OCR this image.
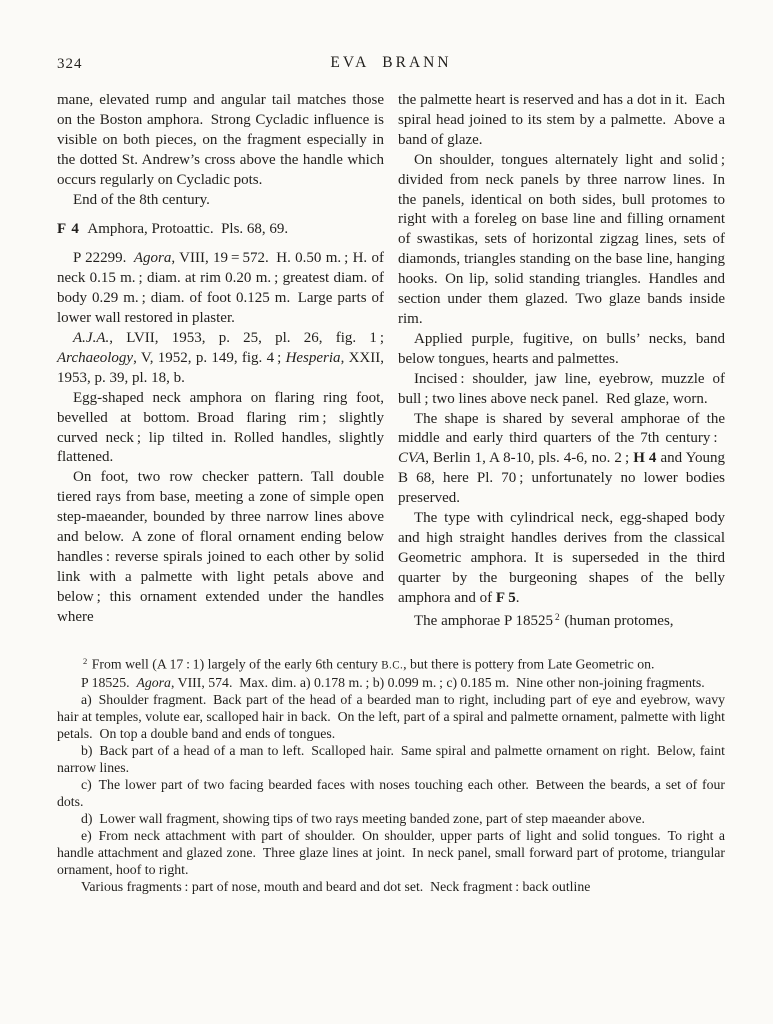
324	EVA BRANN

mane, elevated rump and angular tail matches those on the Boston amphora. Strong Cycladic influence is visible on both pieces, on the fragment especially in the dotted St. Andrew’s cross above the handle which occurs regularly on Cycladic pots.

End of the 8th century.

F 4 Amphora, Protoattic. Pls. 68, 69.

P 22299. Agora, VIII, 19 = 572. H. 0.50 m. ; H. of neck 0.15 m. ; diam. at rim 0.20 m. ; greatest diam. of body 0.29 m. ; diam. of foot 0.125 m. Large parts of lower wall restored in plaster.

A.J.A., LVII, 1953, p. 25, pl. 26, fig. 1 ; Archaeology, V, 1952, p. 149, fig. 4 ; Hesperia, XXII, 1953, p. 39, pl. 18, b.

Egg-shaped neck amphora on flaring ring foot, bevelled at bottom. Broad flaring rim ; slightly curved neck ; lip tilted in. Rolled handles, slightly flattened.

On foot, two row checker pattern. Tall double tiered rays from base, meeting a zone of simple open step-maeander, bounded by three narrow lines above and below. A zone of floral ornament ending below handles : reverse spirals joined to each other by solid link with a palmette with light petals above and below ; this ornament extended under the handles where

the palmette heart is reserved and has a dot in it. Each spiral head joined to its stem by a palmette. Above a band of glaze.

On shoulder, tongues alternately light and solid ; divided from neck panels by three narrow lines. In the panels, identical on both sides, bull protomes to right with a foreleg on base line and filling ornament of swastikas, sets of horizontal zigzag lines, sets of diamonds, triangles standing on the base line, hanging hooks. On lip, solid standing triangles. Handles and section under them glazed. Two glaze bands inside rim.

Applied purple, fugitive, on bulls’ necks, band below tongues, hearts and palmettes.

Incised : shoulder, jaw line, eyebrow, muzzle of bull ; two lines above neck panel. Red glaze, worn.

The shape is shared by several amphorae of the middle and early third quarters of the 7th century : CVA, Berlin 1, A 8-10, pls. 4-6, no. 2 ; H 4 and Young B 68, here Pl. 70 ; unfortunately no lower bodies preserved.

The type with cylindrical neck, egg-shaped body and high straight handles derives from the classical Geometric amphora. It is superseded in the third quarter by the burgeoning shapes of the belly amphora and of F 5.

The amphorae P 18525 $^2$ (human protomes,

$^2$ From well (A 17 : 1) largely of the early 6th century B.C., but there is pottery from Late Geometric on.

P 18525. Agora, VIII, 574. Max. dim. a) 0.178 m. ; b) 0.099 m. ; c) 0.185 m. Nine other non-joining fragments.

a) Shoulder fragment. Back part of the head of a bearded man to right, including part of eye and eyebrow, wavy hair at temples, volute ear, scalloped hair in back. On the left, part of a spiral and palmette ornament, palmette with light petals. On top a double band and ends of tongues.

b) Back part of a head of a man to left. Scalloped hair. Same spiral and palmette ornament on right. Below, faint narrow lines.

c) The lower part of two facing bearded faces with noses touching each other. Between the beards, a set of four dots.

d) Lower wall fragment, showing tips of two rays meeting banded zone, part of step maeander above.

e) From neck attachment with part of shoulder. On shoulder, upper parts of light and solid tongues. To right a handle attachment and glazed zone. Three glaze lines at joint. In neck panel, small forward part of protome, triangular ornament, hoof to right.

Various fragments : part of nose, mouth and beard and dot set. Neck fragment : back outline
